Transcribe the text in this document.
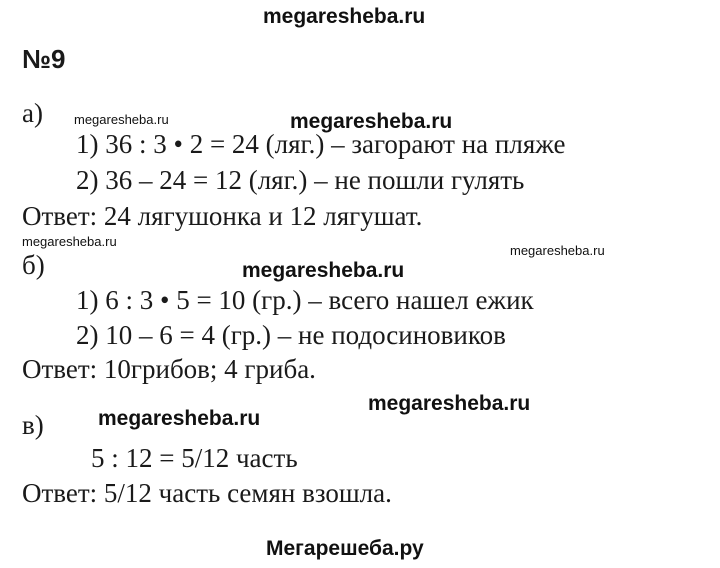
megaresheba.ru
№9
а) megaresheba.ru	megaresheba.ru
1) 36 : 3 • 2 = 24 (ляг.) – загорают на пляже
2) 36 – 24 = 12 (ляг.) – не пошли гулять
Ответ: 24 лягушонка и 12 лягушат.
megaresheba.ru
megaresheba.ru
б)	megaresheba.ru
1) 6 : 3 • 5 = 10 (гр.) – всего нашел ежик
2) 10 – 6 = 4 (гр.) – не подосиновиков
Ответ: 10грибов; 4 гриба.
megaresheba.ru
megaresheba.ru
в)
5 : 12 = 5/12 часть
Ответ: 5/12 часть семян взошла.
Мегарешеба.ру
